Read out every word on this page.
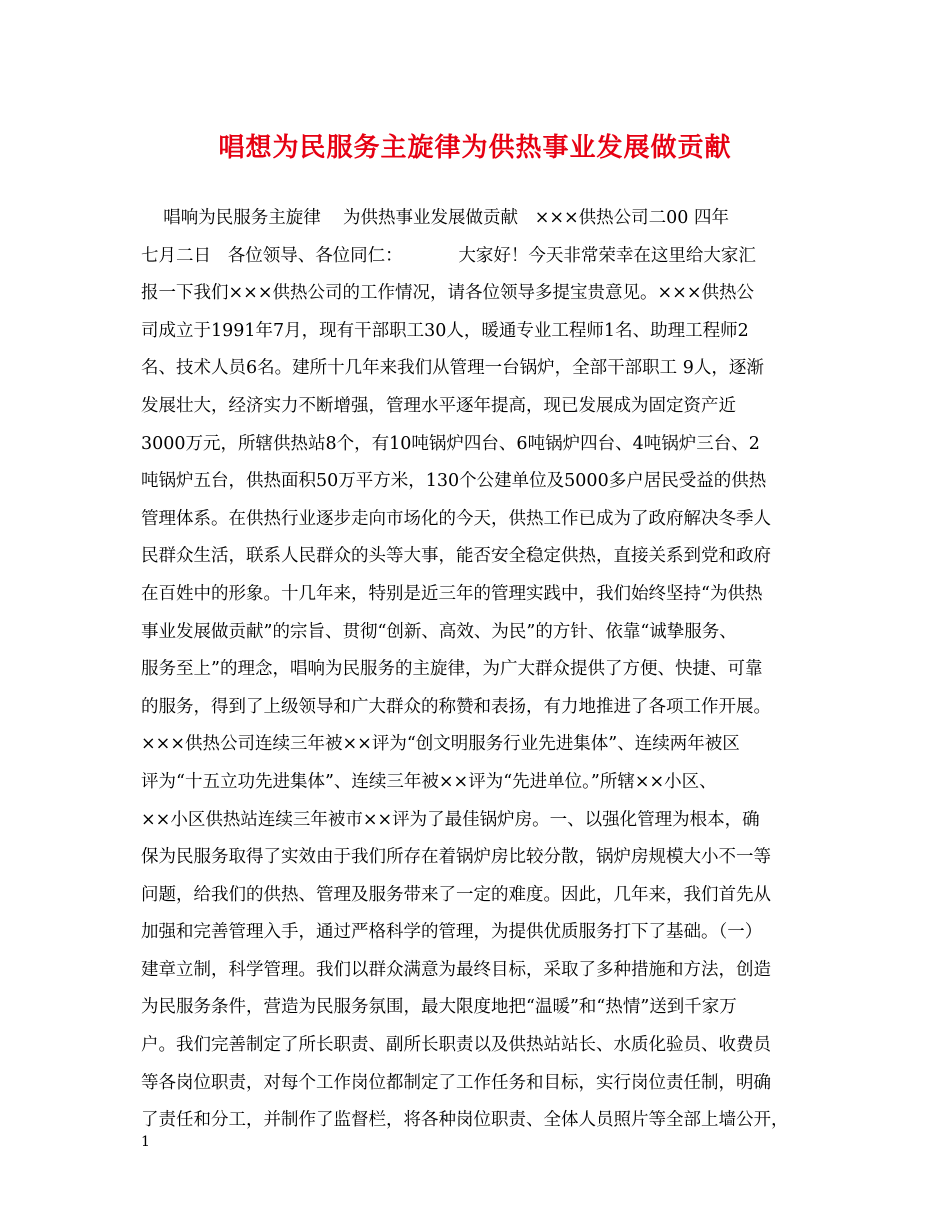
唱想为民服务主旋律为供热事业发展做贡献
唱响为民服务主旋律    为供热事业发展做贡献   ×××供热公司二00 四年
七月二日   各位领导、各位同仁：          大家好！今天非常荣幸在这里给大家汇
报一下我们×××供热公司的工作情况，请各位领导多提宝贵意见。×××供热公
司成立于1991年7月，现有干部职工30人，暖通专业工程师1名、助理工程师2
名、技术人员6名。建所十几年来我们从管理一台锅炉，全部干部职工 9人，逐渐
发展壮大，经济实力不断增强，管理水平逐年提高，现已发展成为固定资产近
3000万元，所辖供热站8个，有10吨锅炉四台、6吨锅炉四台、4吨锅炉三台、2
吨锅炉五台，供热面积50万平方米，130个公建单位及5000多户居民受益的供热
管理体系。在供热行业逐步走向市场化的今天，供热工作已成为了政府解决冬季人
民群众生活，联系人民群众的头等大事，能否安全稳定供热，直接关系到党和政府
在百姓中的形象。十几年来，特别是近三年的管理实践中，我们始终坚持“为供热
事业发展做贡献”的宗旨、贯彻“创新、高效、为民”的方针、依靠“诚挚服务、
服务至上”的理念，唱响为民服务的主旋律，为广大群众提供了方便、快捷、可靠
的服务，得到了上级领导和广大群众的称赞和表扬，有力地推进了各项工作开展。
×××供热公司连续三年被××评为“创文明服务行业先进集体”、连续两年被区
评为“十五立功先进集体”、连续三年被××评为“先进单位。”所辖××小区、
××小区供热站连续三年被市××评为了最佳锅炉房。一、以强化管理为根本，确
保为民服务取得了实效由于我们所存在着锅炉房比较分散，锅炉房规模大小不一等
问题，给我们的供热、管理及服务带来了一定的难度。因此，几年来，我们首先从
加强和完善管理入手，通过严格科学的管理，为提供优质服务打下了基础。（一）
建章立制，科学管理。我们以群众满意为最终目标，采取了多种措施和方法，创造
为民服务条件，营造为民服务氛围，最大限度地把“温暖”和“热情”送到千家万
户。我们完善制定了所长职责、副所长职责以及供热站站长、水质化验员、收费员
等各岗位职责，对每个工作岗位都制定了工作任务和目标，实行岗位责任制，明确
了责任和分工，并制作了监督栏，将各种岗位职责、全体人员照片等全部上墙公开，
1
